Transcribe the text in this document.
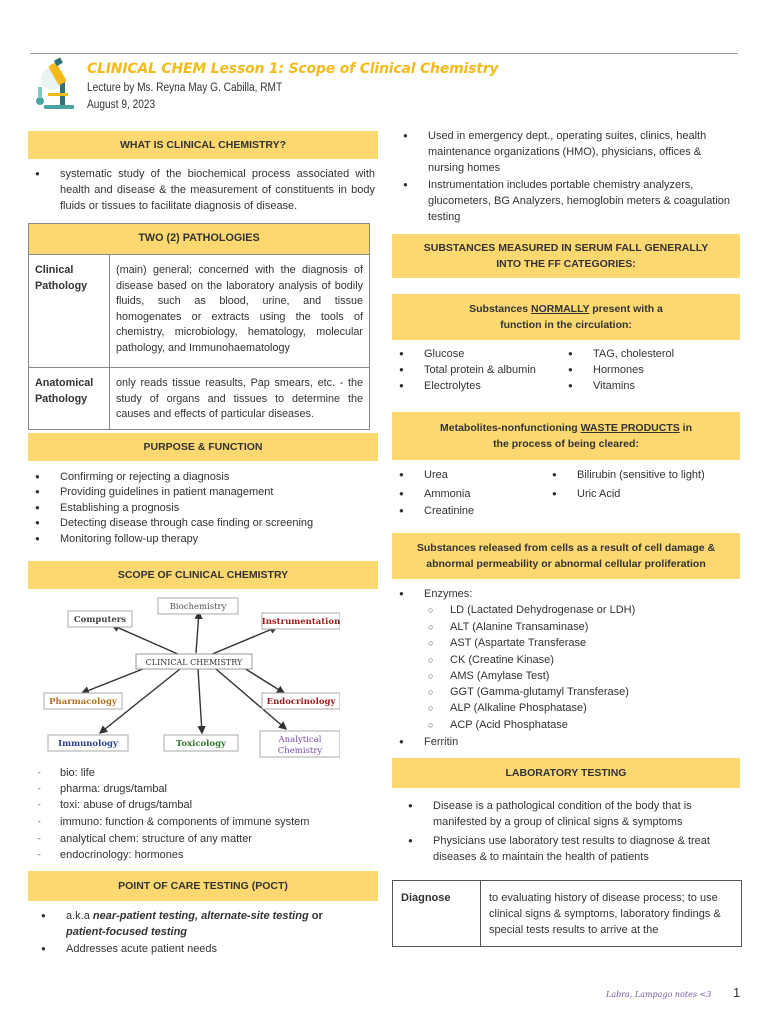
CLINICAL CHEM Lesson 1: Scope of Clinical Chemistry
Lecture by Ms. Reyna May G. Cabilla, RMT
August 9, 2023
WHAT IS CLINICAL CHEMISTRY?
● systematic study of the biochemical process associated with health and disease & the measurement of constituents in body fluids or tissues to facilitate diagnosis of disease.
TWO (2) PATHOLOGIES	
Clinical Pathology	(main) general; concerned with the diagnosis of disease based on the laboratory analysis of bodily fluids, such as blood, urine, and tissue homogenates or extracts using the tools of chemistry, microbiology, hematology, molecular pathology, and Immunohaematology
Anatomical Pathology	only reads tissue reasults, Pap smears, etc. - the study of organs and tissues to determine the causes and effects of particular diseases.
PURPOSE & FUNCTION
● Confirming or rejecting a diagnosis
● Providing guidelines in patient management
● Establishing a prognosis
● Detecting disease through case finding or screening
● Monitoring follow-up therapy
SCOPE OF CLINICAL CHEMISTRY
Computers
Biochemistry
Instrumentation
CLINICAL CHEMISTRY
Pharmacology	Endocrinology
Immunology	Toxicology	Analytical
Chemistry
- bio: life
- pharma: drugs/tambal
- toxi: abuse of drugs/tambal
- immuno: function & components of immune system
- analytical chem: structure of any matter
- endocrinology: hormones
POINT OF CARE TESTING (POCT)
● a.k.a near-patient testing, alternate-site testing or
patient-focused testing
● Addresses acute patient needs
● Used in emergency dept., operating suites, clinics, health maintenance organizations (HMO), physicians, offices & nursing homes
● Instrumentation includes portable chemistry analyzers, glucometers, BG Analyzers, hemoglobin meters & coagulation testing
SUBSTANCES MEASURED IN SERUM FALL GENERALLY
INTO THE FF CATEGORIES:
Substances NORMALLY present with a
function in the circulation:
● Glucose
● Total protein & albumin
● Electrolytes
● TAG, cholesterol
● Hormones
● Vitamins
Metabolites-nonfunctioning WASTE PRODUCTS in
the process of being cleared:
● Urea
● Ammonia
● Creatinine
● Bilirubin (sensitive to light)
● Uric Acid
Substances released from cells as a result of cell damage &
abnormal permeability or abnormal cellular proliferation
● Enzymes:
○ LD (Lactated Dehydrogenase or LDH)
○ ALT (Alanine Transaminase)
○ AST (Aspartate Transferase
○ CK (Creatine Kinase)
○ AMS (Amylase Test)
○ GGT (Gamma-glutamyl Transferase)
○ ALP (Alkaline Phosphatase)
○ ACP (Acid Phosphatase
● Ferritin
LABORATORY TESTING
● Disease is a pathological condition of the body that is manifested by a group of clinical signs & symptoms
● Physicians use laboratory test results to diagnose & treat diseases & to maintain the health of patients
Diagnose	to evaluating history of disease process; to use clinical signs & symptoms, laboratory findings & special tests results to arrive at the
Labra, Lampago notes <3 1
